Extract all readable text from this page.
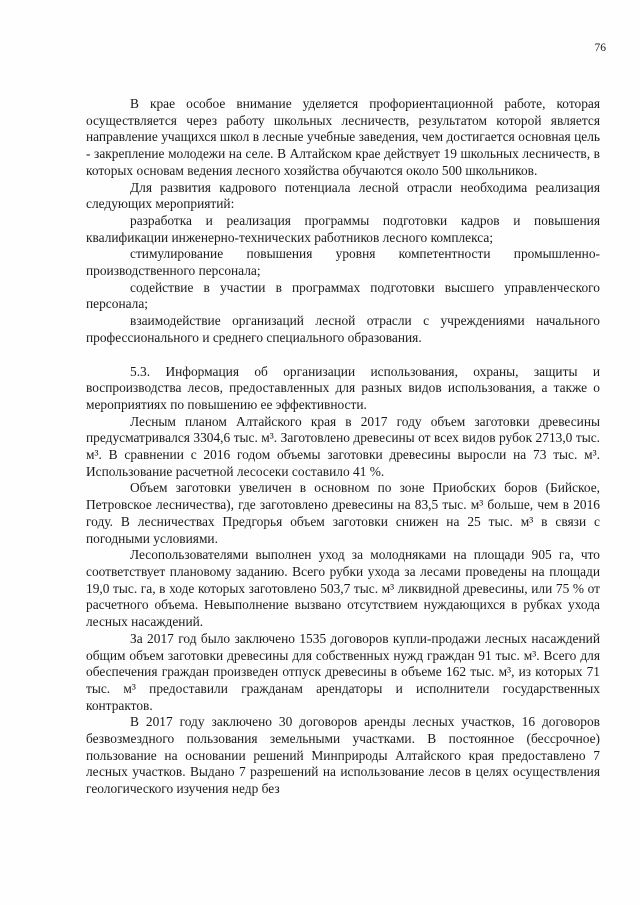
76

В крае особое внимание уделяется профориентационной работе, которая осуществляется через работу школьных лесничеств, результатом которой является направление учащихся школ в лесные учебные заведения, чем достигается основная цель - закрепление молодежи на селе. В Алтайском крае действует 19 школьных лесничеств, в которых основам ведения лесного хозяйства обучаются около 500 школьников.

Для развития кадрового потенциала лесной отрасли необходима реализация следующих мероприятий:

разработка и реализация программы подготовки кадров и повышения квалификации инженерно-технических работников лесного комплекса;

стимулирование повышения уровня компетентности промышленно-производственного персонала;

содействие в участии в программах подготовки высшего управленческого персонала;

взаимодействие организаций лесной отрасли с учреждениями начального профессионального и среднего специального образования.

5.3. Информация об организации использования, охраны, защиты и воспроизводства лесов, предоставленных для разных видов использования, а также о мероприятиях по повышению ее эффективности.

Лесным планом Алтайского края в 2017 году объем заготовки древесины предусматривался 3304,6 тыс. м³. Заготовлено древесины от всех видов рубок 2713,0 тыс. м³. В сравнении с 2016 годом объемы заготовки древесины выросли на 73 тыс. м³. Использование расчетной лесосеки составило 41 %.

Объем заготовки увеличен в основном по зоне Приобских боров (Бийское, Петровское лесничества), где заготовлено древесины на 83,5 тыс. м³ больше, чем в 2016 году. В лесничествах Предгорья объем заготовки снижен на 25 тыс. м³ в связи с погодными условиями.

Лесопользователями выполнен уход за молодняками на площади 905 га, что соответствует плановому заданию. Всего рубки ухода за лесами проведены на площади 19,0 тыс. га, в ходе которых заготовлено 503,7 тыс. м³ ликвидной древесины, или 75 % от расчетного объема. Невыполнение вызвано отсутствием нуждающихся в рубках ухода лесных насаждений.

За 2017 год было заключено 1535 договоров купли-продажи лесных насаждений общим объем заготовки древесины для собственных нужд граждан 91 тыс. м³. Всего для обеспечения граждан произведен отпуск древесины в объеме 162 тыс. м³, из которых 71 тыс. м³ предоставили гражданам арендаторы и исполнители государственных контрактов.

В 2017 году заключено 30 договоров аренды лесных участков, 16 договоров безвозмездного пользования земельными участками. В постоянное (бессрочное) пользование на основании решений Минприроды Алтайского края предоставлено 7 лесных участков. Выдано 7 разрешений на использование лесов в целях осуществления геологического изучения недр без
